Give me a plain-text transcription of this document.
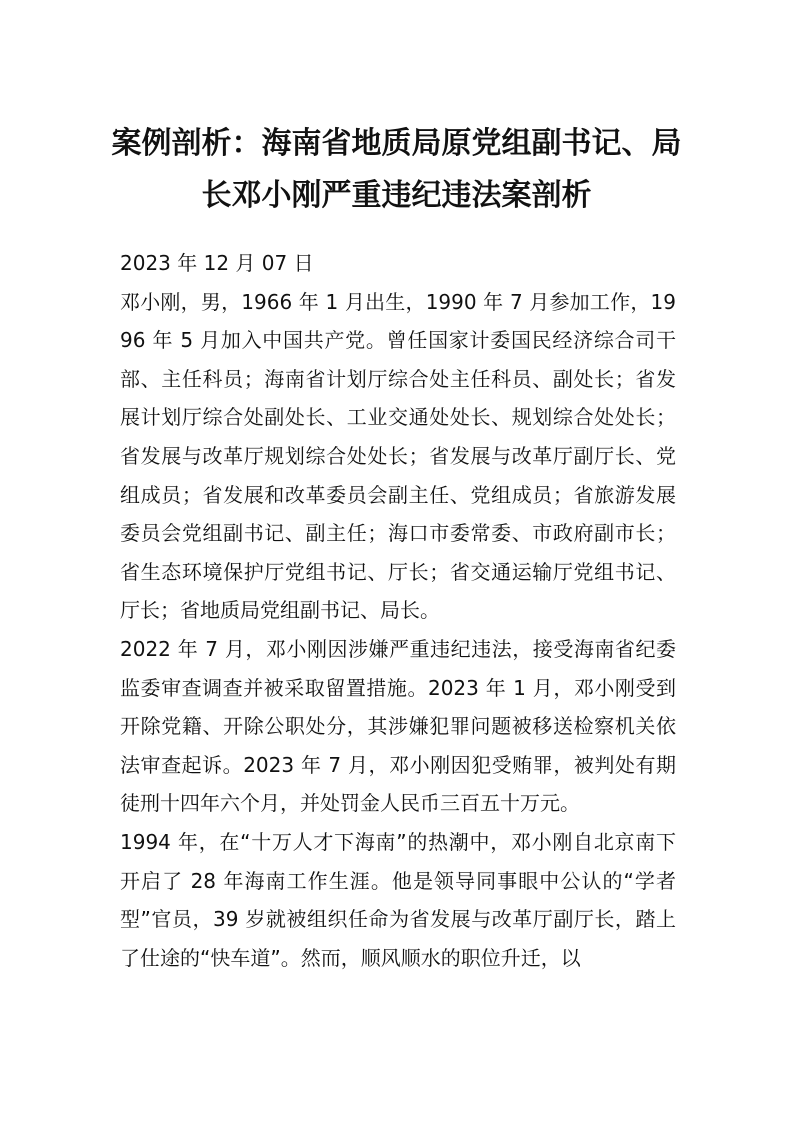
案例剖析：海南省地质局原党组副书记、局长邓小刚严重违纪违法案剖析

2023 年 12 月 07 日

邓小刚，男，1966 年 1 月出生，1990 年 7 月参加工作，1996 年 5 月加入中国共产党。曾任国家计委国民经济综合司干部、主任科员；海南省计划厅综合处主任科员、副处长；省发展计划厅综合处副处长、工业交通处处长、规划综合处处长；省发展与改革厅规划综合处处长；省发展与改革厅副厅长、党组成员；省发展和改革委员会副主任、党组成员；省旅游发展委员会党组副书记、副主任；海口市委常委、市政府副市长；省生态环境保护厅党组书记、厅长；省交通运输厅党组书记、厅长；省地质局党组副书记、局长。

2022 年 7 月，邓小刚因涉嫌严重违纪违法，接受海南省纪委监委审查调查并被采取留置措施。2023 年 1 月，邓小刚受到开除党籍、开除公职处分，其涉嫌犯罪问题被移送检察机关依法审查起诉。2023 年 7 月，邓小刚因犯受贿罪，被判处有期徒刑十四年六个月，并处罚金人民币三百五十万元。

1994 年，在“十万人才下海南”的热潮中，邓小刚自北京南下开启了 28 年海南工作生涯。他是领导同事眼中公认的“学者型”官员，39 岁就被组织任命为省发展与改革厅副厅长，踏上了仕途的“快车道”。然而，顺风顺水的职位升迁，以
